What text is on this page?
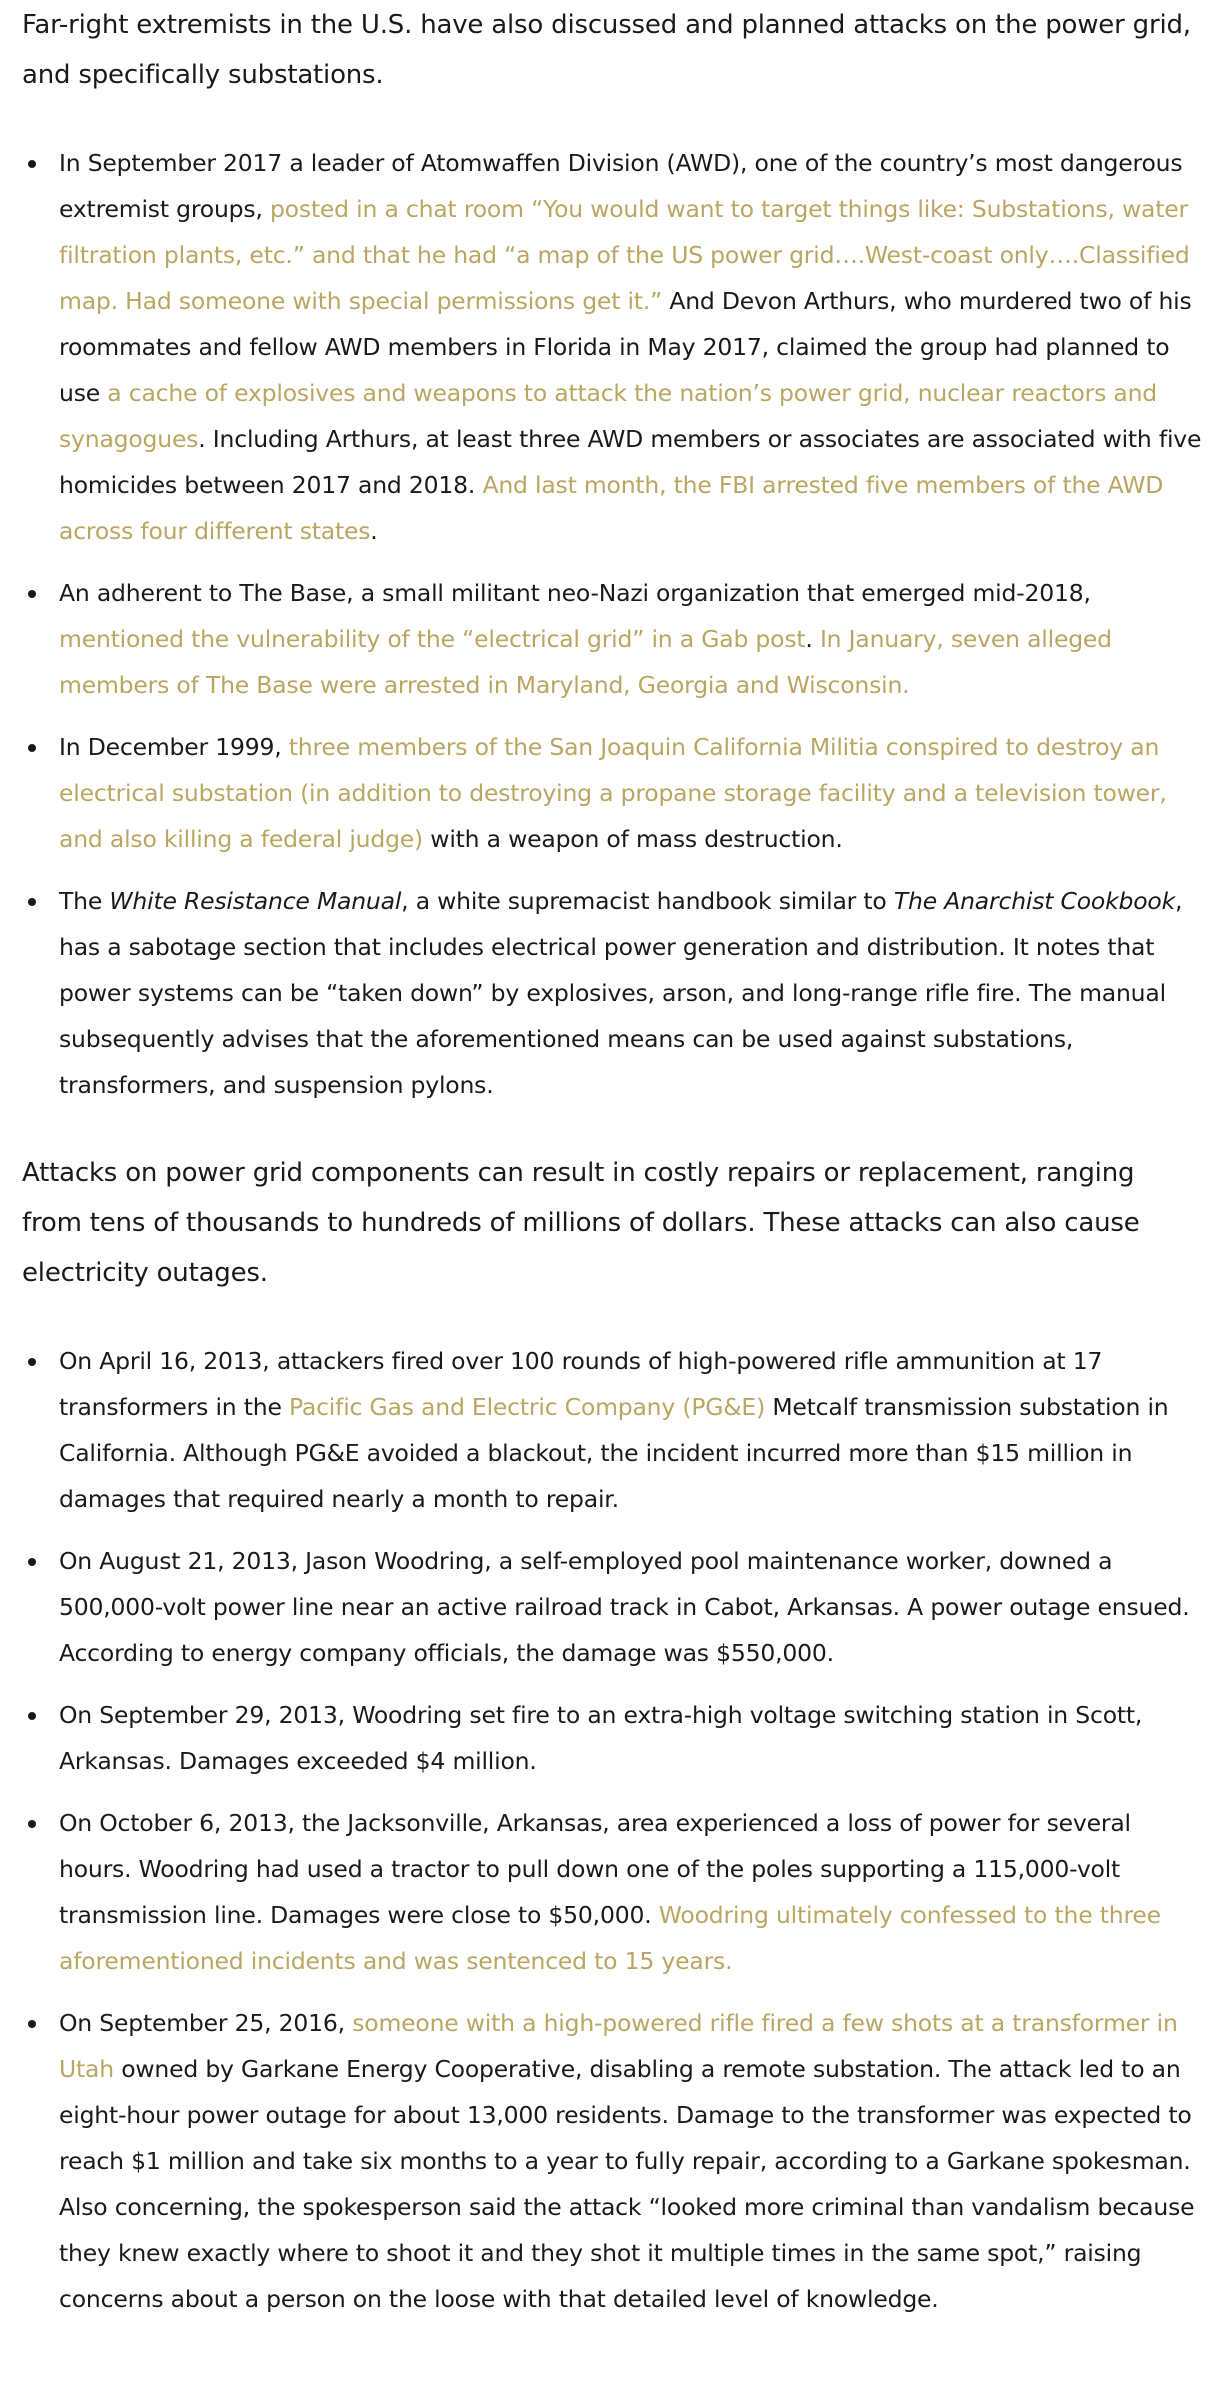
Far-right extremists in the U.S. have also discussed and planned attacks on the power grid, and specifically substations.

In September 2017 a leader of Atomwaffen Division (AWD), one of the country’s most dangerous extremist groups, posted in a chat room “You would want to target things like: Substations, water filtration plants, etc.” and that he had “a map of the US power grid….West-coast only….Classified map. Had someone with special permissions get it.” And Devon Arthurs, who murdered two of his roommates and fellow AWD members in Florida in May 2017, claimed the group had planned to use a cache of explosives and weapons to attack the nation’s power grid, nuclear reactors and synagogues. Including Arthurs, at least three AWD members or associates are associated with five homicides between 2017 and 2018. And last month, the FBI arrested five members of the AWD across four different states.
An adherent to The Base, a small militant neo-Nazi organization that emerged mid-2018, mentioned the vulnerability of the “electrical grid” in a Gab post. In January, seven alleged members of The Base were arrested in Maryland, Georgia and Wisconsin.
In December 1999, three members of the San Joaquin California Militia conspired to destroy an electrical substation (in addition to destroying a propane storage facility and a television tower, and also killing a federal judge) with a weapon of mass destruction.
The White Resistance Manual, a white supremacist handbook similar to The Anarchist Cookbook, has a sabotage section that includes electrical power generation and distribution. It notes that power systems can be “taken down” by explosives, arson, and long-range rifle fire. The manual subsequently advises that the aforementioned means can be used against substations, transformers, and suspension pylons.

Attacks on power grid components can result in costly repairs or replacement, ranging from tens of thousands to hundreds of millions of dollars. These attacks can also cause electricity outages.

On April 16, 2013, attackers fired over 100 rounds of high-powered rifle ammunition at 17 transformers in the Pacific Gas and Electric Company (PG&E) Metcalf transmission substation in California. Although PG&E avoided a blackout, the incident incurred more than $15 million in damages that required nearly a month to repair.
On August 21, 2013, Jason Woodring, a self-employed pool maintenance worker, downed a 500,000-volt power line near an active railroad track in Cabot, Arkansas. A power outage ensued. According to energy company officials, the damage was $550,000.
On September 29, 2013, Woodring set fire to an extra-high voltage switching station in Scott, Arkansas. Damages exceeded $4 million.
On October 6, 2013, the Jacksonville, Arkansas, area experienced a loss of power for several hours. Woodring had used a tractor to pull down one of the poles supporting a 115,000-volt transmission line. Damages were close to $50,000. Woodring ultimately confessed to the three aforementioned incidents and was sentenced to 15 years.
On September 25, 2016, someone with a high-powered rifle fired a few shots at a transformer in Utah owned by Garkane Energy Cooperative, disabling a remote substation. The attack led to an eight-hour power outage for about 13,000 residents. Damage to the transformer was expected to reach $1 million and take six months to a year to fully repair, according to a Garkane spokesman. Also concerning, the spokesperson said the attack “looked more criminal than vandalism because they knew exactly where to shoot it and they shot it multiple times in the same spot,” raising concerns about a person on the loose with that detailed level of knowledge.
